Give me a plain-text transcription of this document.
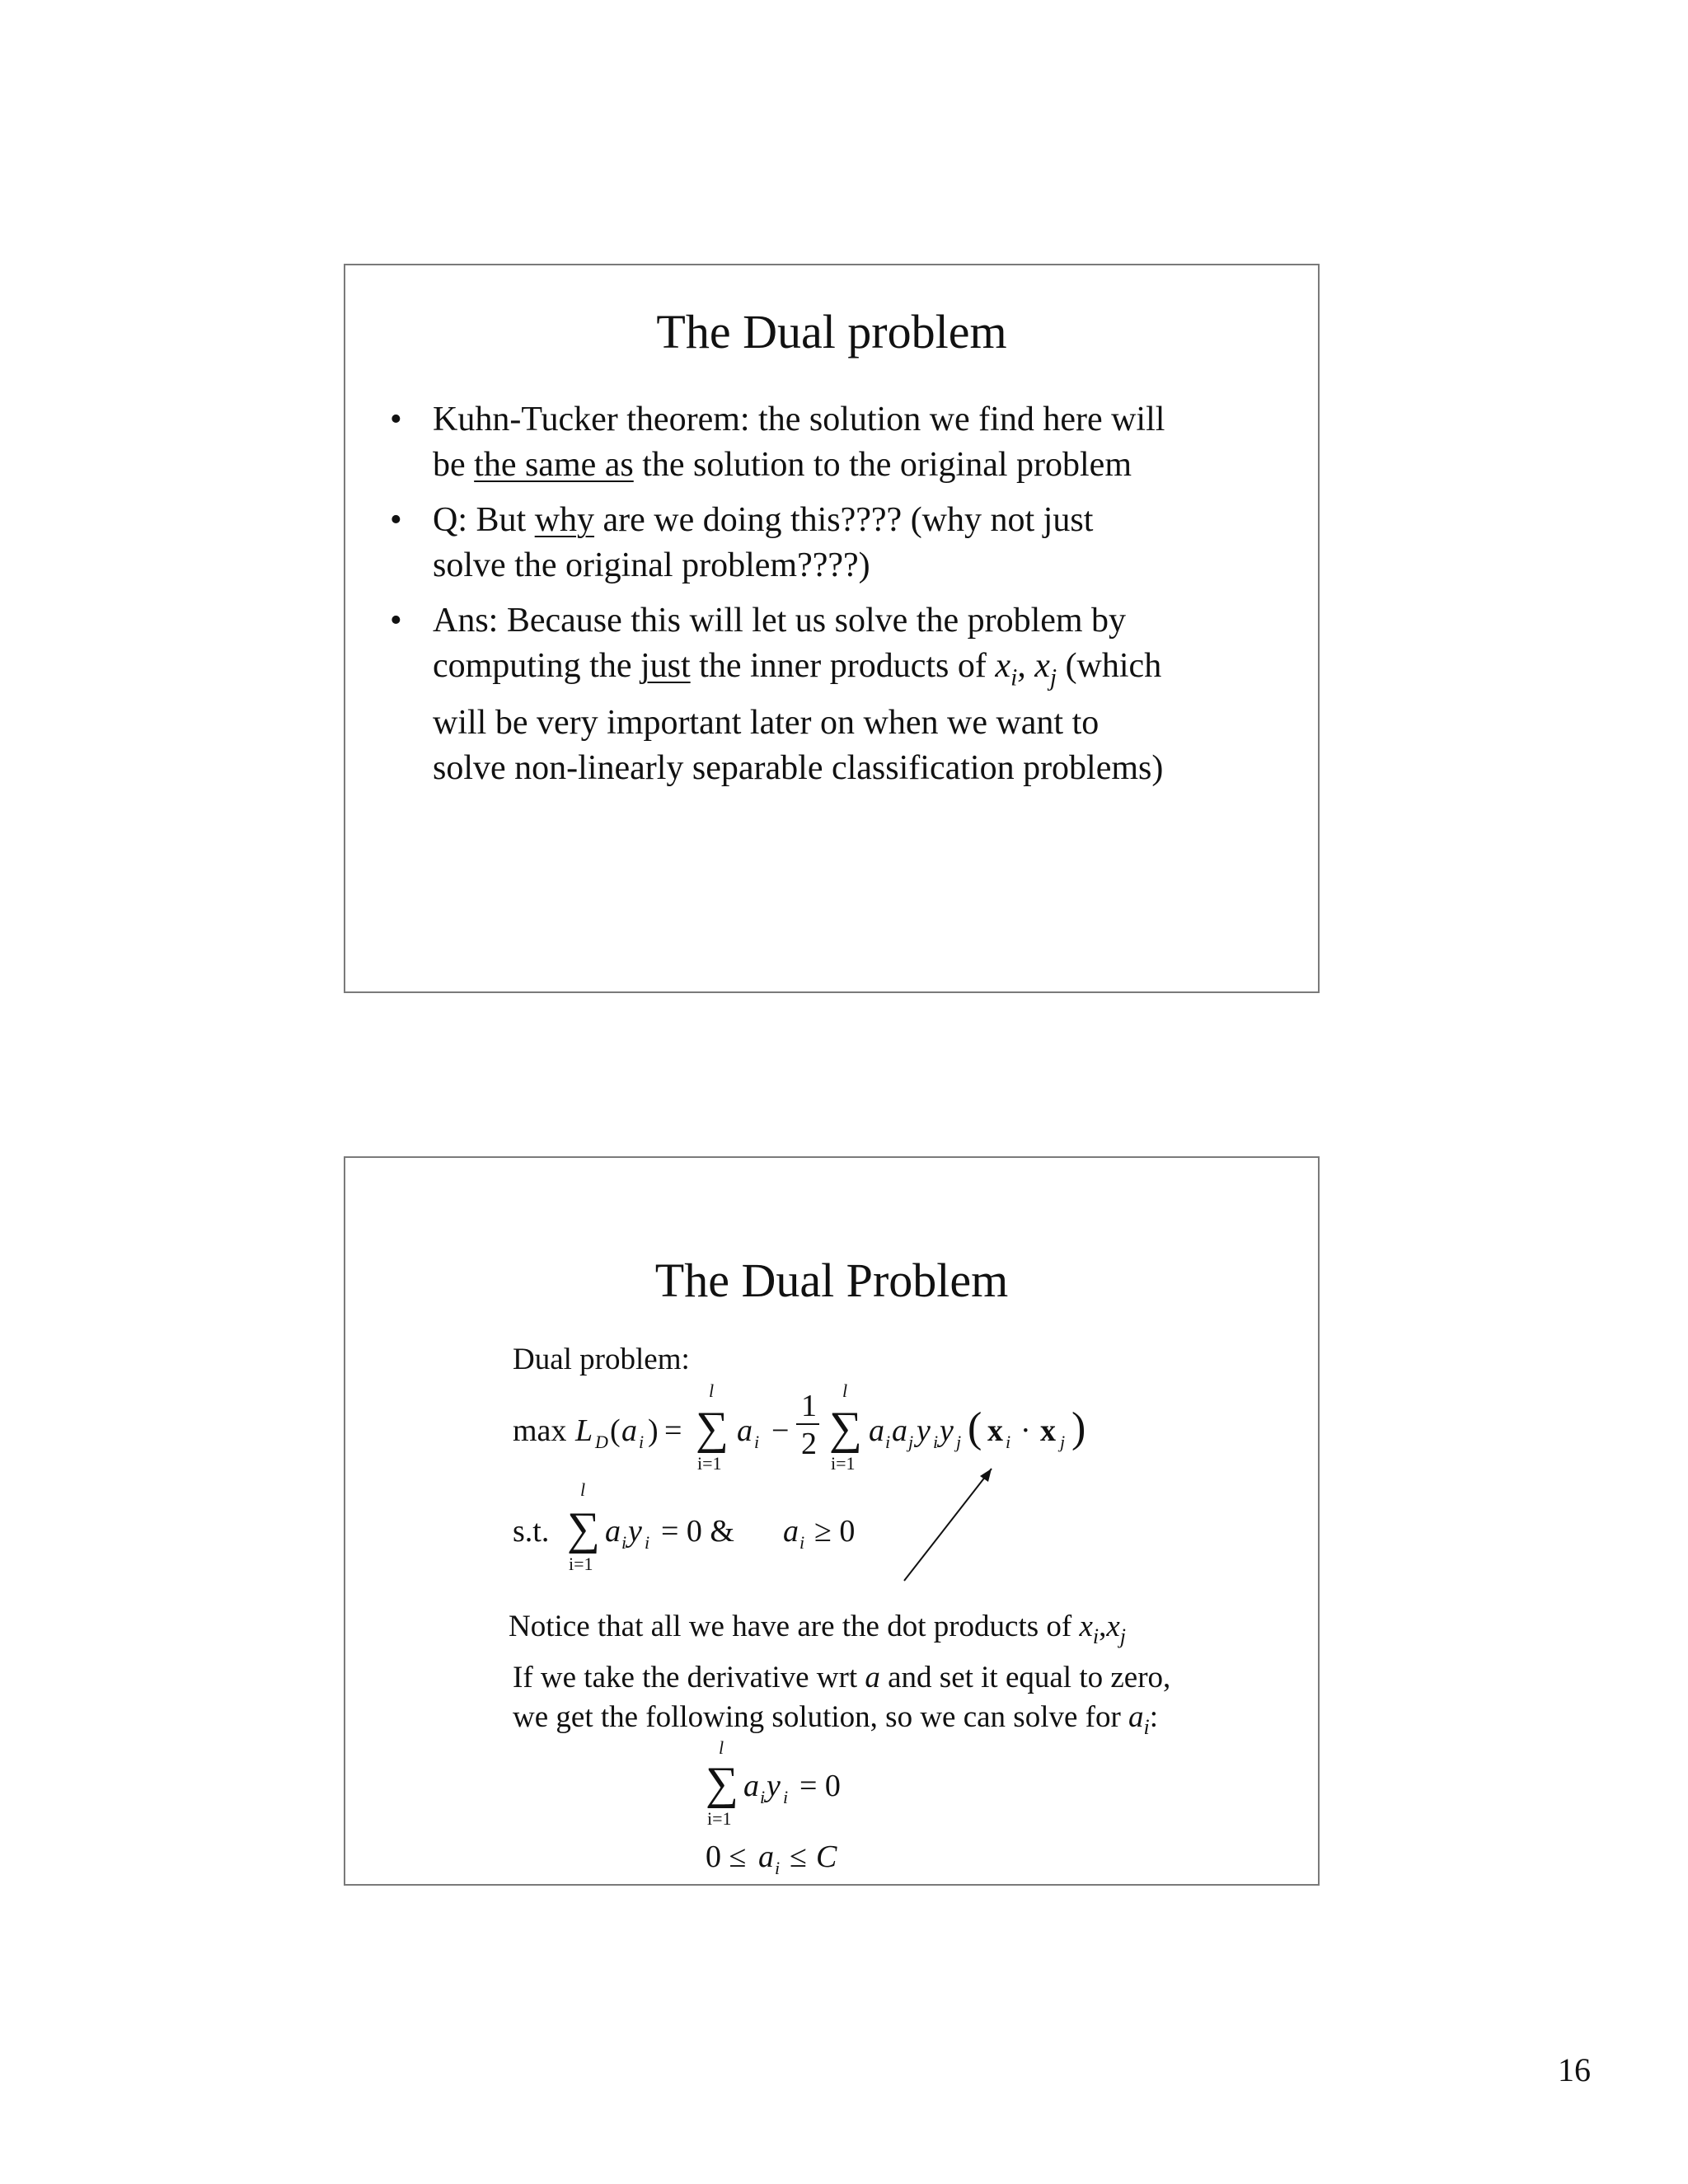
The Dual problem
• Kuhn-Tucker theorem: the solution we find here will
be the same as the solution to the original problem
• Q: But why are we doing this???? (why not just
solve the original problem????)
• Ans: Because this will let us solve the problem by
computing the just the inner products of $x_i$, $x_j$ (which
will be very important later on when we want to
solve non-linearly separable classification problems)
The Dual Problem
Dual problem:
max L D ( a i ) =
l
∑
i=1
a i −
1
2
l
∑
i=1
a i a j y i y j ( x i · x j )
s.t.
l
∑
i=1
a i y i = 0 & a i ≥ 0
Notice that all we have are the dot products of $x_i,x_j$
If we take the derivative wrt a and set it equal to zero,
we get the following solution, so we can solve for $a_i$:
l
∑
i=1
a i y i = 0
0 ≤ a i ≤ C
16
